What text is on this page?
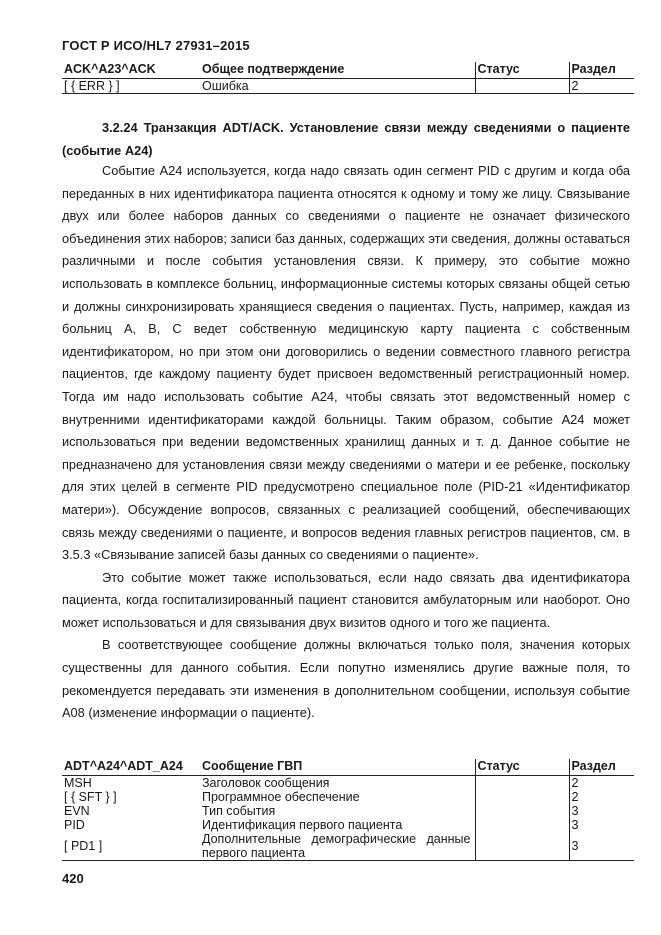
ГОСТ Р ИСО/HL7 27931–2015
ACK^A23^ACK	Общее подтверждение	Статус	Раздел
[ { ERR } ]	Ошибка		2
3.2.24 Транзакция ADT/ACK. Установление связи между сведениями о пациенте (событие A24)

Событие A24 используется, когда надо связать один сегмент PID с другим и когда оба переданных в них идентификатора пациента относятся к одному и тому же лицу. Связывание двух или более наборов данных со сведениями о пациенте не означает физического объединения этих наборов; записи баз данных, содержащих эти сведения, должны оставаться различными и после события установления связи. К примеру, это событие можно использовать в комплексе больниц, информационные системы которых связаны общей сетью и должны синхронизировать хранящиеся сведения о пациентах. Пусть, например, каждая из больниц A, B, C ведет собственную медицинскую карту пациента с собственным идентификатором, но при этом они договорились о ведении совместного главного регистра пациентов, где каждому пациенту будет присвоен ведомственный регистрационный номер. Тогда им надо использовать событие A24, чтобы связать этот ведомственный номер с внутренними идентификаторами каждой больницы. Таким образом, событие A24 может использоваться при ведении ведомственных хранилищ данных и т. д. Данное событие не предназначено для установления связи между сведениями о матери и ее ребенке, поскольку для этих целей в сегменте PID предусмотрено специальное поле (PID-21 «Идентификатор матери»). Обсуждение вопросов, связанных с реализацией сообщений, обеспечивающих связь между сведениями о пациенте, и вопросов ведения главных регистров пациентов, см. в 3.5.3 «Связывание записей базы данных со сведениями о пациенте».

Это событие может также использоваться, если надо связать два идентификатора пациента, когда госпитализированный пациент становится амбулаторным или наоборот. Оно может использоваться и для связывания двух визитов одного и того же пациента.

В соответствующее сообщение должны включаться только поля, значения которых существенны для данного события. Если попутно изменялись другие важные поля, то рекомендуется передавать эти изменения в дополнительном сообщении, используя событие A08 (изменение информации о пациенте).

ADT^A24^ADT_A24	Сообщение ГВП	Статус	Раздел
MSH	Заголовок сообщения		2
[ { SFT } ]	Программное обеспечение		2
EVN	Тип события		3
PID	Идентификация первого пациента		3
[ PD1 ]	Дополнительные демографические данные первого пациента		3
420
